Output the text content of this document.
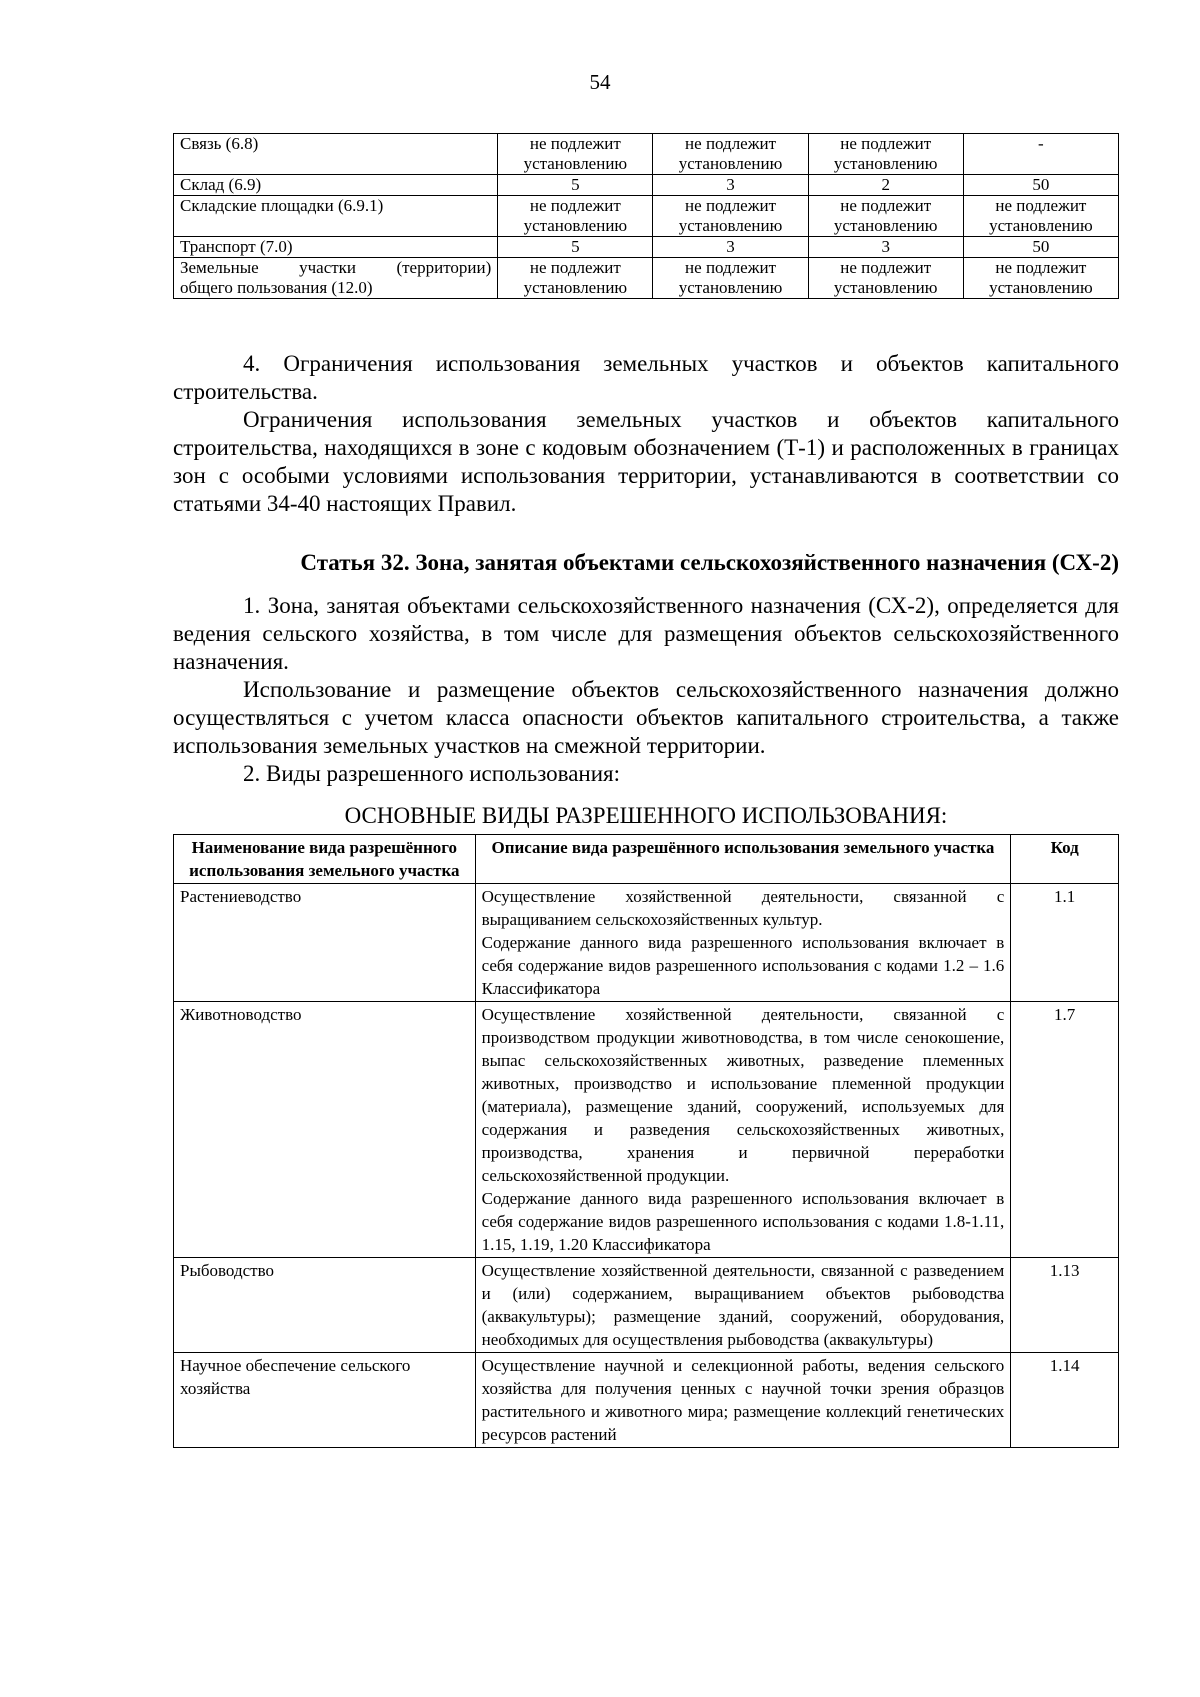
54
Связь (6.8)	не подлежит установлению	не подлежит установлению	не подлежит установлению	-
Склад (6.9)	5	3	2	50
Складские площадки (6.9.1)	не подлежит установлению	не подлежит установлению	не подлежит установлению	не подлежит установлению
Транспорт (7.0)	5	3	3	50

Земельные участки (территории)
общего пользования (12.0)	не подлежит установлению	не подлежит установлению	не подлежит установлению	не подлежит установлению
4. Ограничения использования земельных участков и объектов капитального строительства.
Ограничения использования земельных участков и объектов капитального строительства, находящихся в зоне с кодовым обозначением (Т-1) и расположенных в границах зон с особыми условиями использования территории, устанавливаются в соответствии со статьями 34-40 настоящих Правил.
Статья 32. Зона, занятая объектами сельскохозяйственного назначения (СХ-2)
1. Зона, занятая объектами сельскохозяйственного назначения (СХ-2), определяется для ведения сельского хозяйства, в том числе для размещения объектов сельскохозяйственного назначения.
Использование и размещение объектов сельскохозяйственного назначения должно осуществляться с учетом класса опасности объектов капитального строительства, а также использования земельных участков на смежной территории.
2. Виды разрешенного использования:
ОСНОВНЫЕ ВИДЫ РАЗРЕШЕННОГО ИСПОЛЬЗОВАНИЯ:
Наименование вида разрешённого использования земельного участка	Описание вида разрешённого использования земельного участка	Код
Растениеводство	Осуществление хозяйственной деятельности, связанной с выращиванием сельскохозяйственных культур.

Содержание данного вида разрешенного использования включает в себя содержание видов разрешенного использования с кодами 1.2 – 1.6 Классификатора	1.1
Животноводство	Осуществление хозяйственной деятельности, связанной с производством продукции животноводства, в том числе сенокошение, выпас сельскохозяйственных животных, разведение племенных животных, производство и использование племенной продукции (материала), размещение зданий, сооружений, используемых для содержания и разведения сельскохозяйственных животных, производства, хранения и первичной переработки сельскохозяйственной продукции.

Содержание данного вида разрешенного использования включает в себя содержание видов разрешенного использования с кодами 1.8-1.11, 1.15, 1.19, 1.20 Классификатора	1.7
Рыбоводство	Осуществление хозяйственной деятельности, связанной с разведением и (или) содержанием, выращиванием объектов рыбоводства (аквакультуры); размещение зданий, сооружений, оборудования, необходимых для осуществления рыбоводства (аквакультуры)	1.13
Научное обеспечение сельского хозяйства	Осуществление научной и селекционной работы, ведения сельского хозяйства для получения ценных с научной точки зрения образцов растительного и животного мира; размещение коллекций генетических ресурсов растений	1.14
